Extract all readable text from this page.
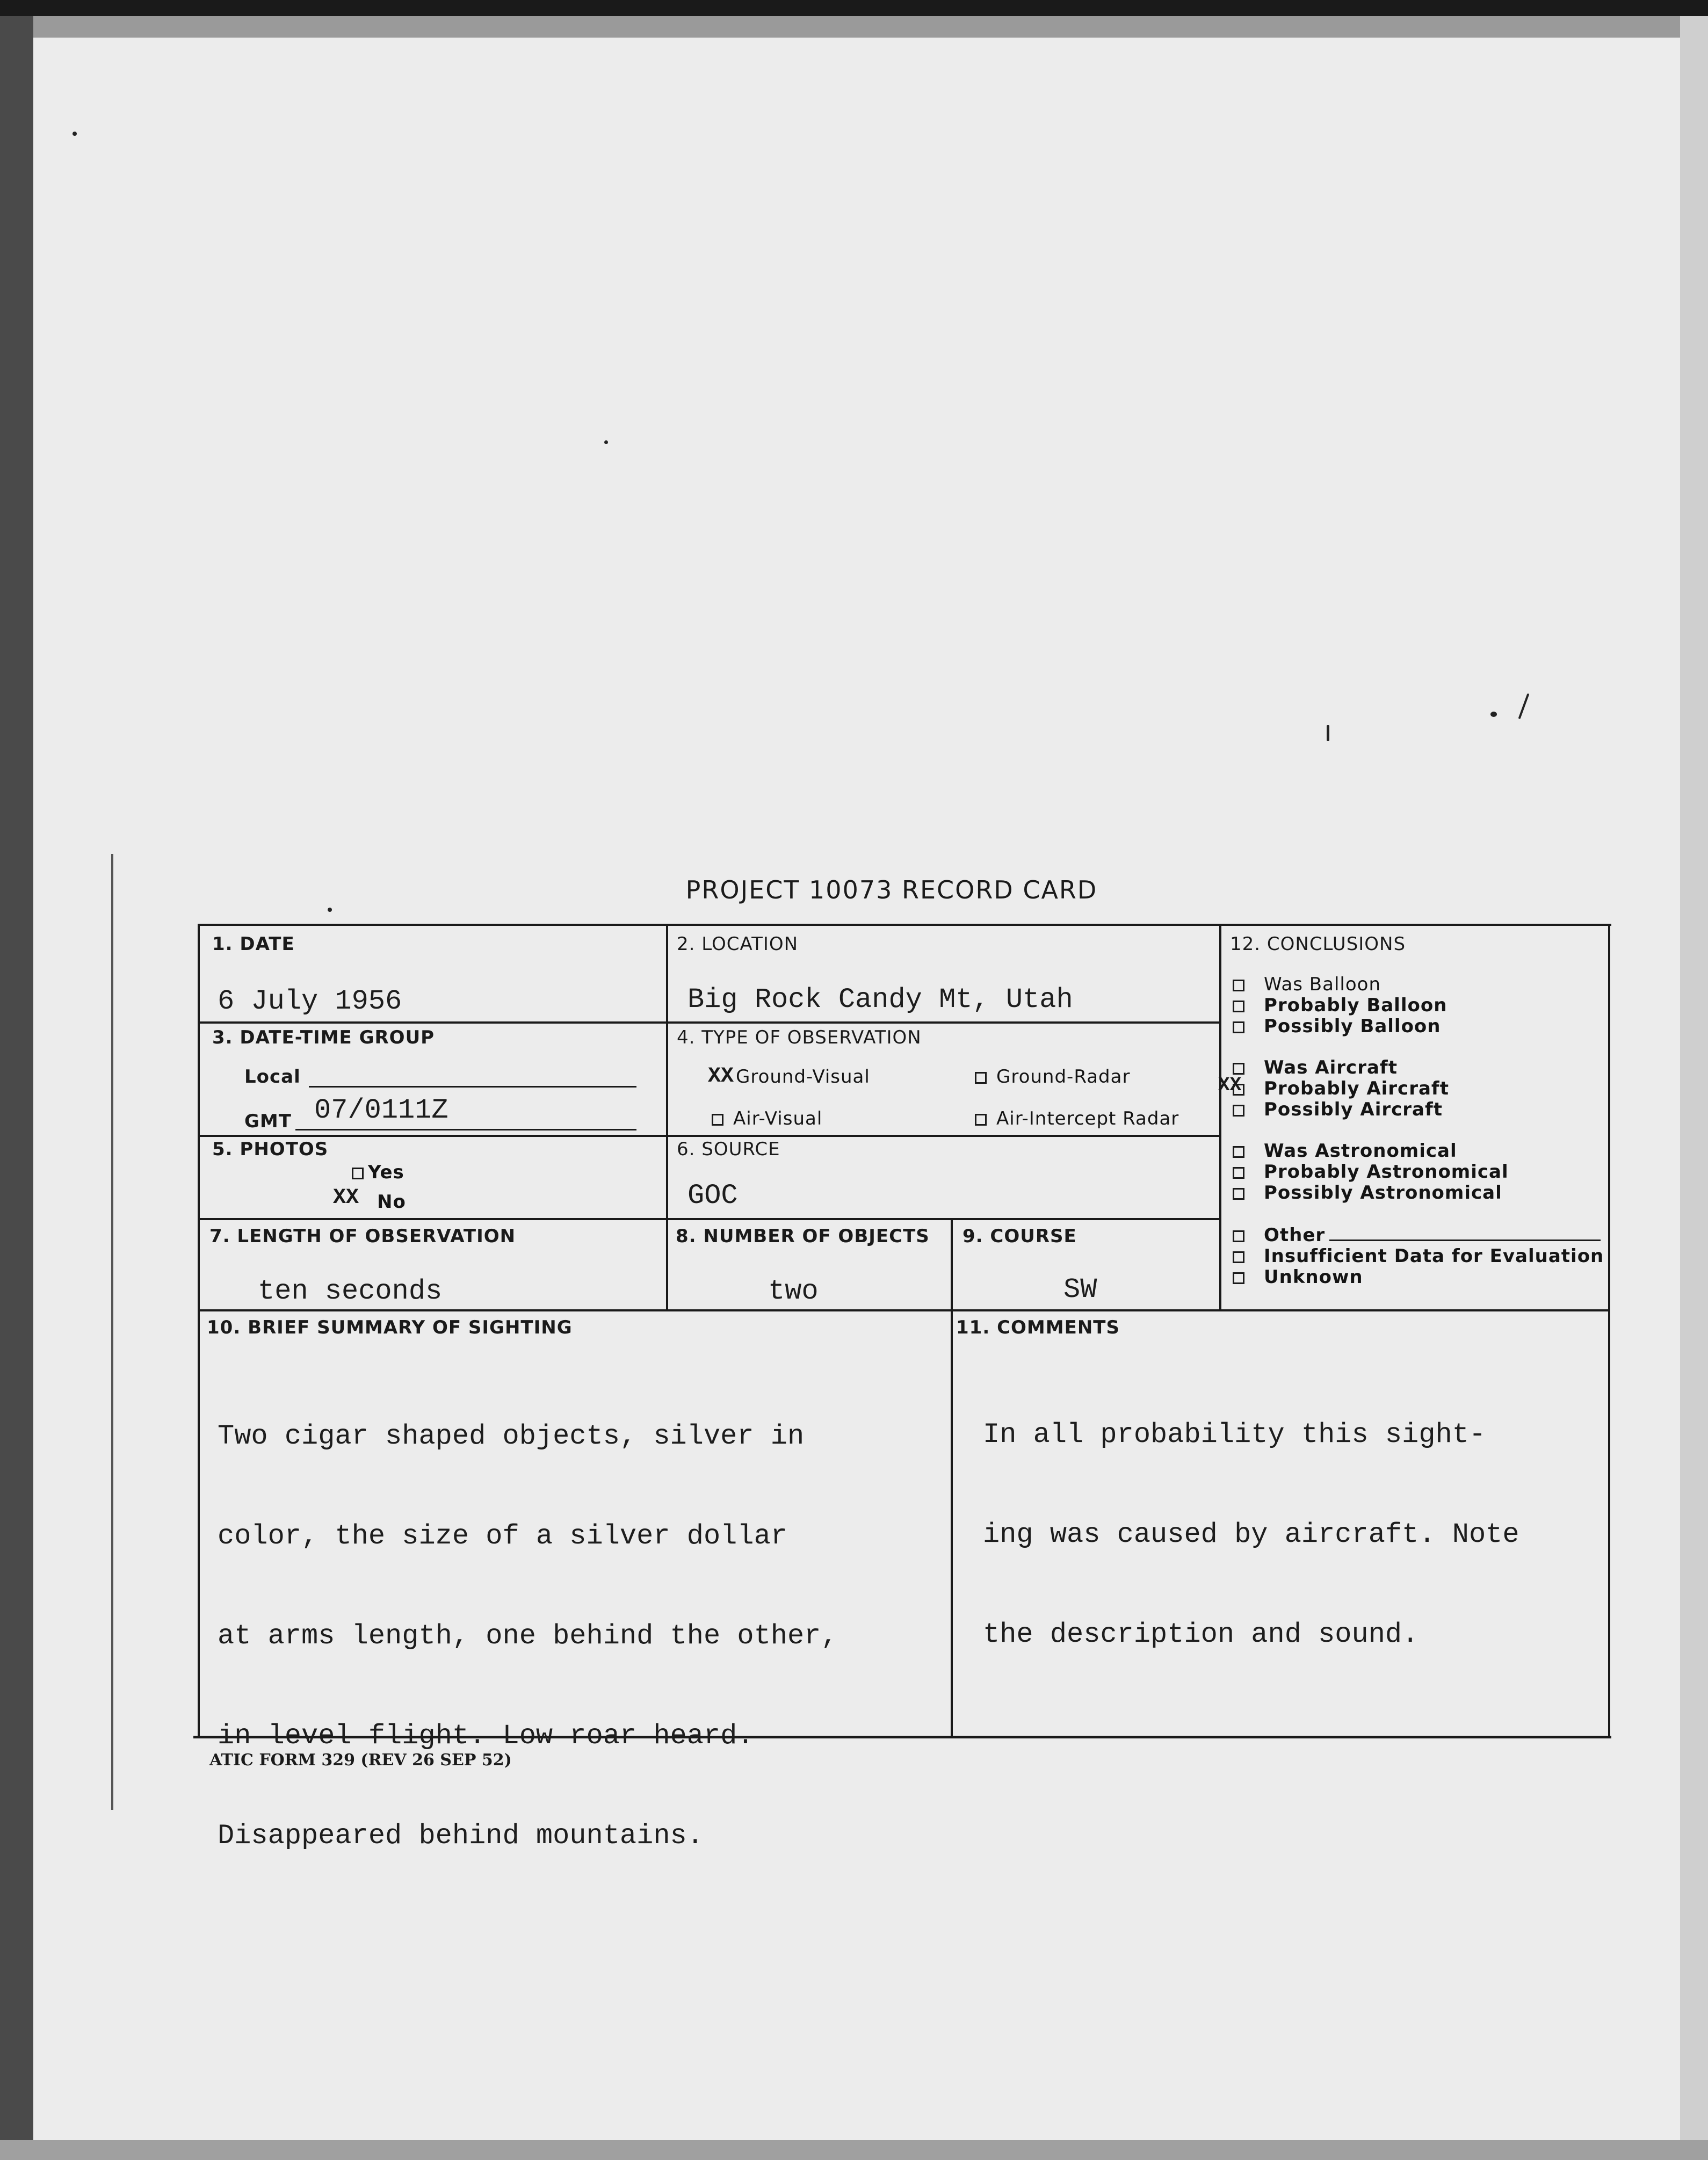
PROJECT 10073 RECORD CARD
1. DATE
6 July 1956
2. LOCATION
Big Rock Candy Mt, Utah
3. DATE-TIME GROUP
Local
GMT 07/0111Z
4. TYPE OF OBSERVATION
XX Ground-Visual	Ground-Radar
Air-Visual	Air-Intercept Radar
5. PHOTOS
Yes
XX No
6. SOURCE
GOC
7. LENGTH OF OBSERVATION
ten seconds
8. NUMBER OF OBJECTS
two
9. COURSE
SW
12. CONCLUSIONS
Was Balloon
Probably Balloon
Possibly Balloon
Was Aircraft
XX	Probably Aircraft
Possibly Aircraft
Was Astronomical
Probably Astronomical
Possibly Astronomical
Other
Insufficient Data for Evaluation
Unknown
10. BRIEF SUMMARY OF SIGHTING

Two cigar shaped objects, silver in

color, the size of a silver dollar

at arms length, one behind the other,

in level flight. Low roar heard.

Disappeared behind mountains.

11. COMMENTS

In all probability this sight-

ing was caused by aircraft. Note

the description and sound.

ATIC FORM 329 (REV 26 SEP 52)
